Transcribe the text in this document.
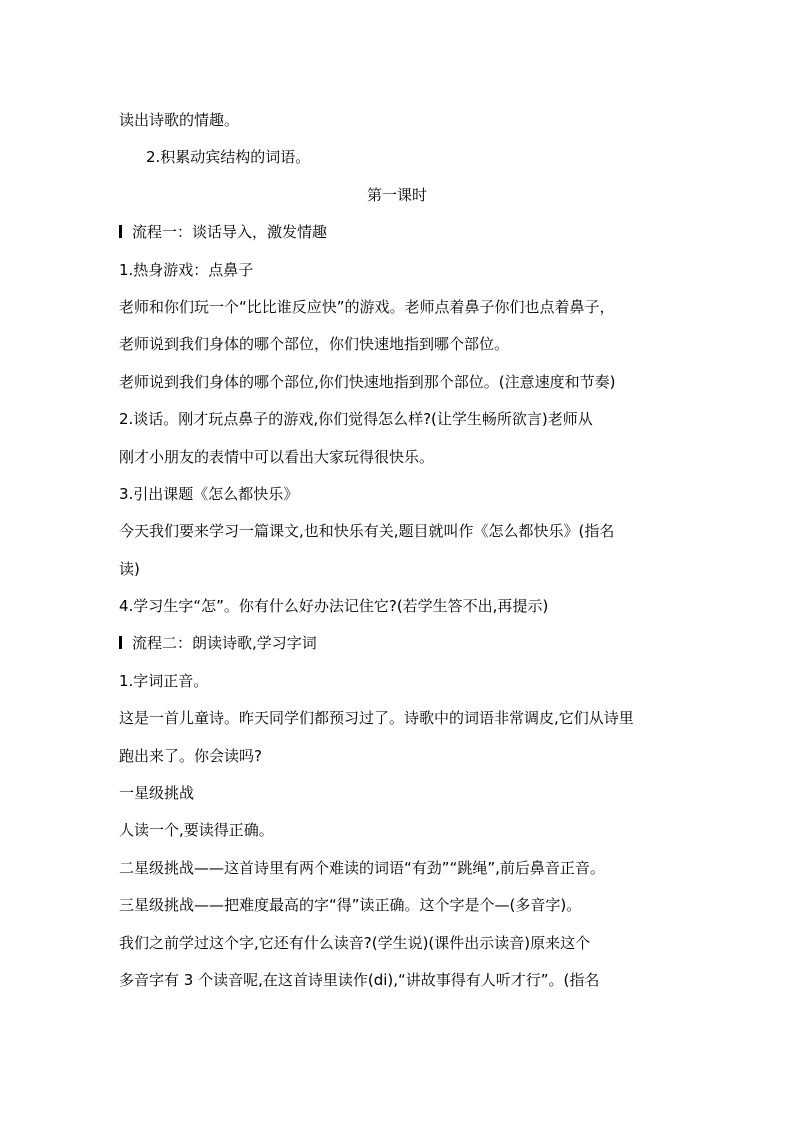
读出诗歌的情趣。
2.积累动宾结构的词语。
第一课时
流程一：谈话导入，激发情趣
1.热身游戏：点鼻子
老师和你们玩一个“比比谁反应快”的游戏。老师点着鼻子你们也点着鼻子，
老师说到我们身体的哪个部位，你们快速地指到哪个部位。
老师说到我们身体的哪个部位,你们快速地指到那个部位。(注意速度和节奏)
2.谈话。刚才玩点鼻子的游戏,你们觉得怎么样?(让学生畅所欲言)老师从
刚才小朋友的表情中可以看出大家玩得很快乐。
3.引出课题《怎么都快乐》
今天我们要来学习一篇课文,也和快乐有关,题目就叫作《怎么都快乐》(指名
读)
4.学习生字“怎”。你有什么好办法记住它?(若学生答不出,再提示)
流程二：朗读诗歌,学习字词
1.字词正音。
这是一首儿童诗。昨天同学们都预习过了。诗歌中的词语非常调皮,它们从诗里
跑出来了。你会读吗?
一星级挑战
人读一个,要读得正确。
二星级挑战——这首诗里有两个难读的词语“有劲”“跳绳”,前后鼻音正音。
三星级挑战——把难度最高的字“得”读正确。这个字是个—(多音字)。
我们之前学过这个字,它还有什么读音?(学生说)(课件出示读音)原来这个
多音字有 3 个读音呢,在这首诗里读作(di),“讲故事得有人听才行”。(指名
